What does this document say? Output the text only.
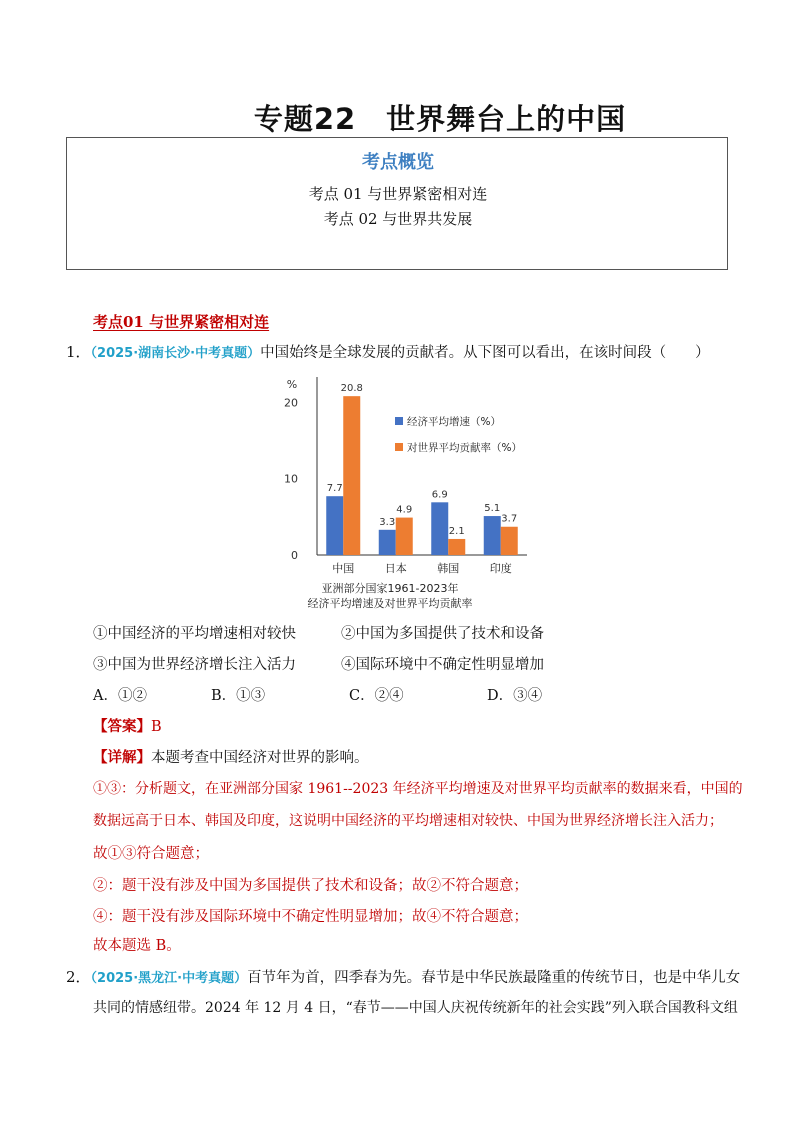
专题22　世界舞台上的中国
考点概览
考点 01 与世界紧密相对连
考点 02 与世界共发展
考点01 与世界紧密相对连
1．（2025·湖南长沙·中考真题）中国始终是全球发展的贡献者。从下图可以看出，在该时间段（　　）
%
0
10
20
7.7
20.8
中国
3.3
4.9
日本
6.9
2.1
韩国
5.1
3.7
印度
经济平均增速（%）
对世界平均贡献率（%）
亚洲部分国家1961-2023年
经济平均增速及对世界平均贡献率
①中国经济的平均增速相对较快	②中国为多国提供了技术和设备
③中国为世界经济增长注入活力	④国际环境中不确定性明显增加
A．①②	B．①③	C．②④	D．③④
【答案】B
【详解】本题考查中国经济对世界的影响。
①③：分析题文，在亚洲部分国家 1961--2023 年经济平均增速及对世界平均贡献率的数据来看，中国的
数据远高于日本、韩国及印度，这说明中国经济的平均增速相对较快、中国为世界经济增长注入活力；
故①③符合题意；
②：题干没有涉及中国为多国提供了技术和设备；故②不符合题意；
④：题干没有涉及国际环境中不确定性明显增加；故④不符合题意；
故本题选 B。
2．（2025·黑龙江·中考真题）百节年为首，四季春为先。春节是中华民族最隆重的传统节日，也是中华儿女
共同的情感纽带。2024 年 12 月 4 日，“春节——中国人庆祝传统新年的社会实践”列入联合国教科文组
